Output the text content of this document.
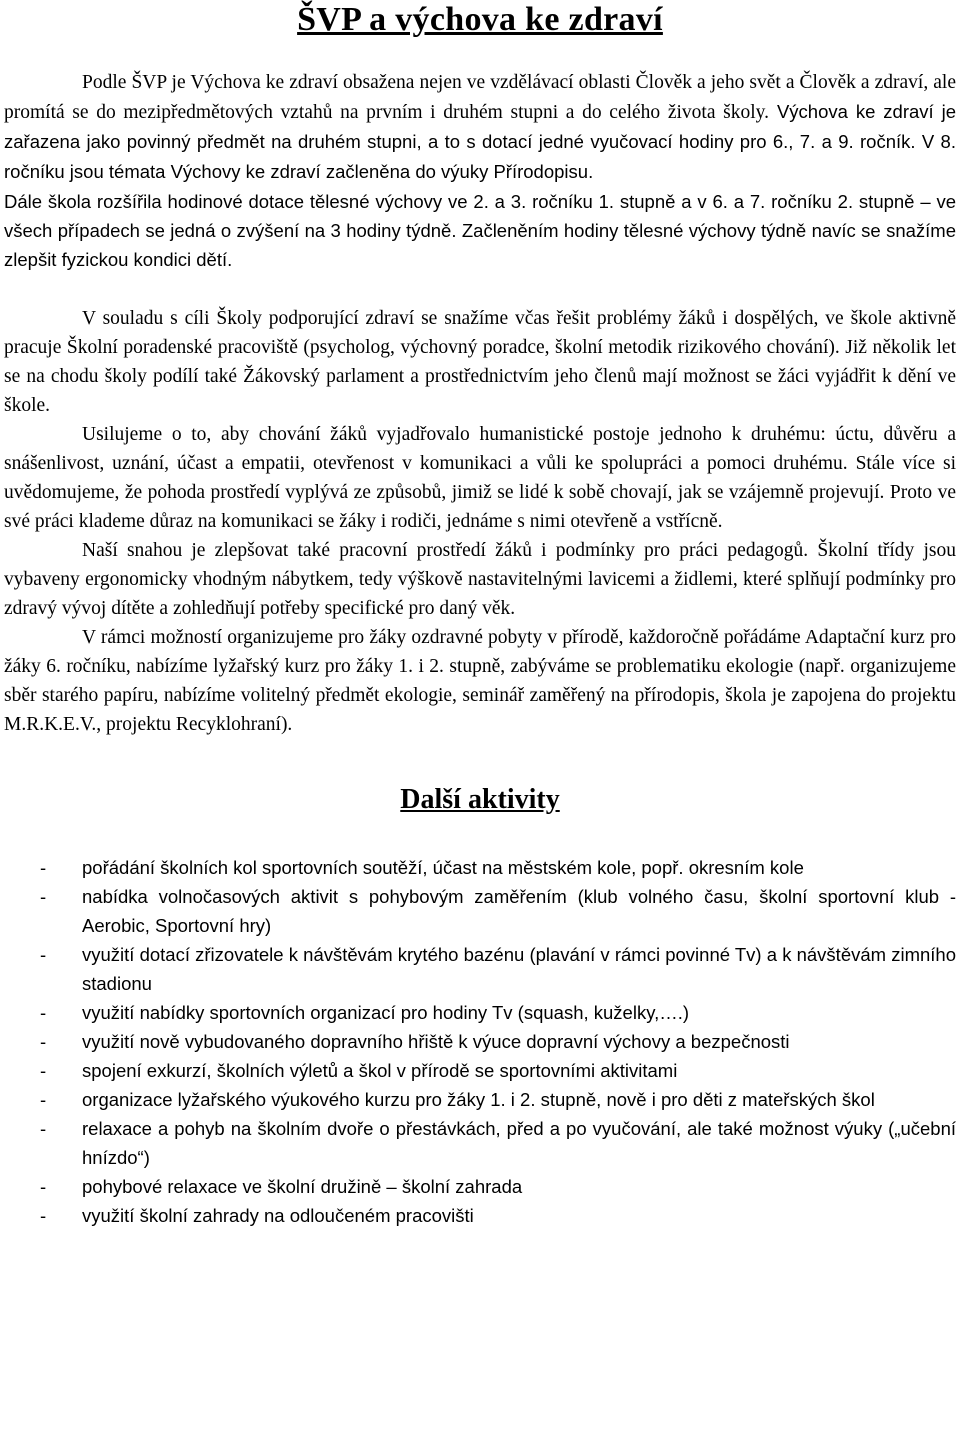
ŠVP a výchova ke zdraví

Podle ŠVP je Výchova ke zdraví obsažena nejen ve vzdělávací oblasti Člověk a jeho svět a Člověk a zdraví, ale promítá se do mezipředmětových vztahů na prvním i druhém stupni a do celého života školy. Výchova ke zdraví je zařazena jako povinný předmět na druhém stupni, a to s dotací jedné vyučovací hodiny pro 6., 7. a 9. ročník. V 8. ročníku jsou témata Výchovy ke zdraví začleněna do výuky Přírodopisu.

Dále škola rozšířila hodinové dotace tělesné výchovy ve 2. a 3. ročníku 1. stupně a v 6. a 7. ročníku 2. stupně – ve všech případech se jedná o zvýšení na 3 hodiny týdně. Začleněním hodiny tělesné výchovy týdně navíc se snažíme zlepšit fyzickou kondici dětí.

V souladu s cíli Školy podporující zdraví se snažíme včas řešit problémy žáků i dospělých, ve škole aktivně pracuje Školní poradenské pracoviště (psycholog, výchovný poradce, školní metodik rizikového chování). Již několik let se na chodu školy podílí také Žákovský parlament a prostřednictvím jeho členů mají možnost se žáci vyjádřit k dění ve škole.

Usilujeme o to, aby chování žáků vyjadřovalo humanistické postoje jednoho k druhému: úctu, důvěru a snášenlivost, uznání, účast a empatii, otevřenost v komunikaci a vůli ke spolupráci a pomoci druhému. Stále více si uvědomujeme, že pohoda prostředí vyplývá ze způsobů, jimiž se lidé k sobě chovají, jak se vzájemně projevují. Proto ve své práci klademe důraz na komunikaci se žáky i rodiči, jednáme s nimi otevřeně a vstřícně.

Naší snahou je zlepšovat také pracovní prostředí žáků i podmínky pro práci pedagogů. Školní třídy jsou vybaveny ergonomicky vhodným nábytkem, tedy výškově nastavitelnými lavicemi a židlemi, které splňují podmínky pro zdravý vývoj dítěte a zohledňují potřeby specifické pro daný věk.

V rámci možností organizujeme pro žáky ozdravné pobyty v přírodě, každoročně pořádáme Adaptační kurz pro žáky 6. ročníku, nabízíme lyžařský kurz pro žáky 1. i 2. stupně, zabýváme se problematiku ekologie (např. organizujeme sběr starého papíru, nabízíme volitelný předmět ekologie, seminář zaměřený na přírodopis, škola je zapojena do projektu M.R.K.E.V., projektu Recyklohraní).

Další aktivity
- pořádání školních kol sportovních soutěží, účast na městském kole, popř. okresním kole
- nabídka volnočasových aktivit s pohybovým zaměřením (klub volného času, školní sportovní klub - Aerobic, Sportovní hry)
- využití dotací zřizovatele k návštěvám krytého bazénu (plavání v rámci povinné Tv) a k návštěvám zimního stadionu
- využití nabídky sportovních organizací pro hodiny Tv (squash, kuželky,….)
- využití nově vybudovaného dopravního hřiště k výuce dopravní výchovy a bezpečnosti
- spojení exkurzí, školních výletů a škol v přírodě se sportovními aktivitami
- organizace lyžařského výukového kurzu pro žáky 1. i 2. stupně, nově i pro děti z mateřských škol
- relaxace a pohyb na školním dvoře o přestávkách, před a po vyučování, ale také možnost výuky („učební hnízdo“)
- pohybové relaxace ve školní družině – školní zahrada
- využití školní zahrady na odloučeném pracovišti
